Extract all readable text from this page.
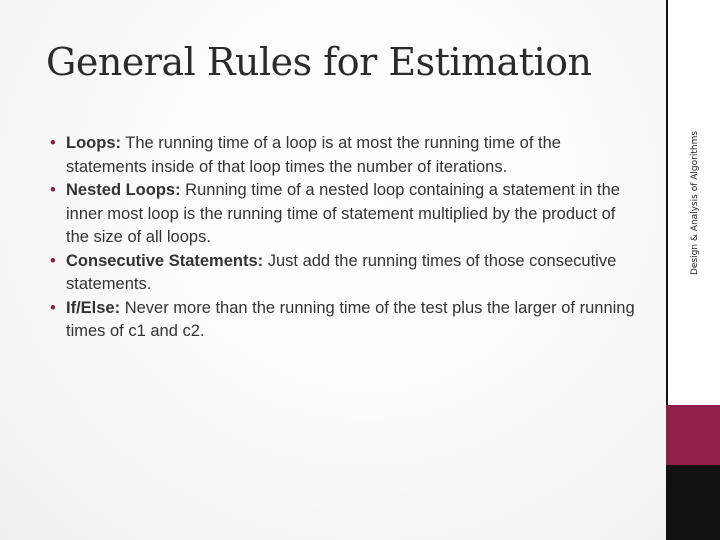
Design & Analysis of Algorithms
General Rules for Estimation
• Loops: The running time of a loop is at most the running time of the statements inside of that loop times the number of iterations.
• Nested Loops: Running time of a nested loop containing a statement in the inner most loop is the running time of statement multiplied by the product of the size of all loops.
• Consecutive Statements: Just add the running times of those consecutive statements.
• If/Else: Never more than the running time of the test plus the larger of running times of c1 and c2.
